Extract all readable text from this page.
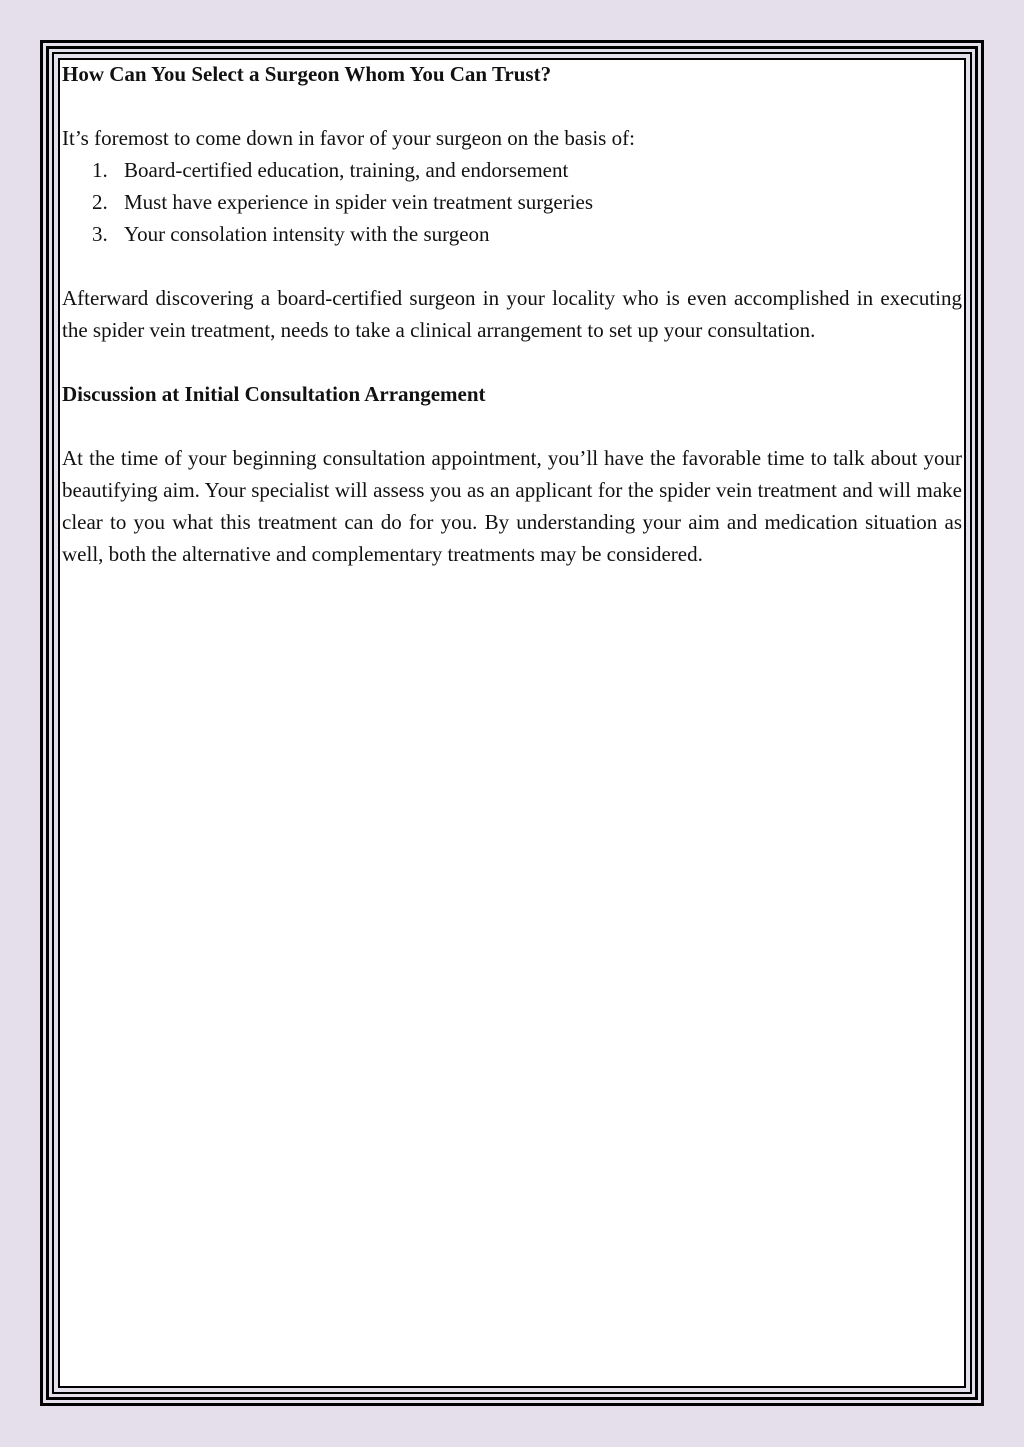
How Can You Select a Surgeon Whom You Can Trust?

It’s foremost to come down in favor of your surgeon on the basis of:

1. Board-certified education, training, and endorsement
2. Must have experience in spider vein treatment surgeries
3. Your consolation intensity with the surgeon

Afterward discovering a board-certified surgeon in your locality who is even accomplished in executing the spider vein treatment, needs to take a clinical arrangement to set up your consultation.

Discussion at Initial Consultation Arrangement

At the time of your beginning consultation appointment, you’ll have the favorable time to talk about your beautifying aim. Your specialist will assess you as an applicant for the spider vein treatment and will make clear to you what this treatment can do for you. By understanding your aim and medication situation as well, both the alternative and complementary treatments may be considered.
